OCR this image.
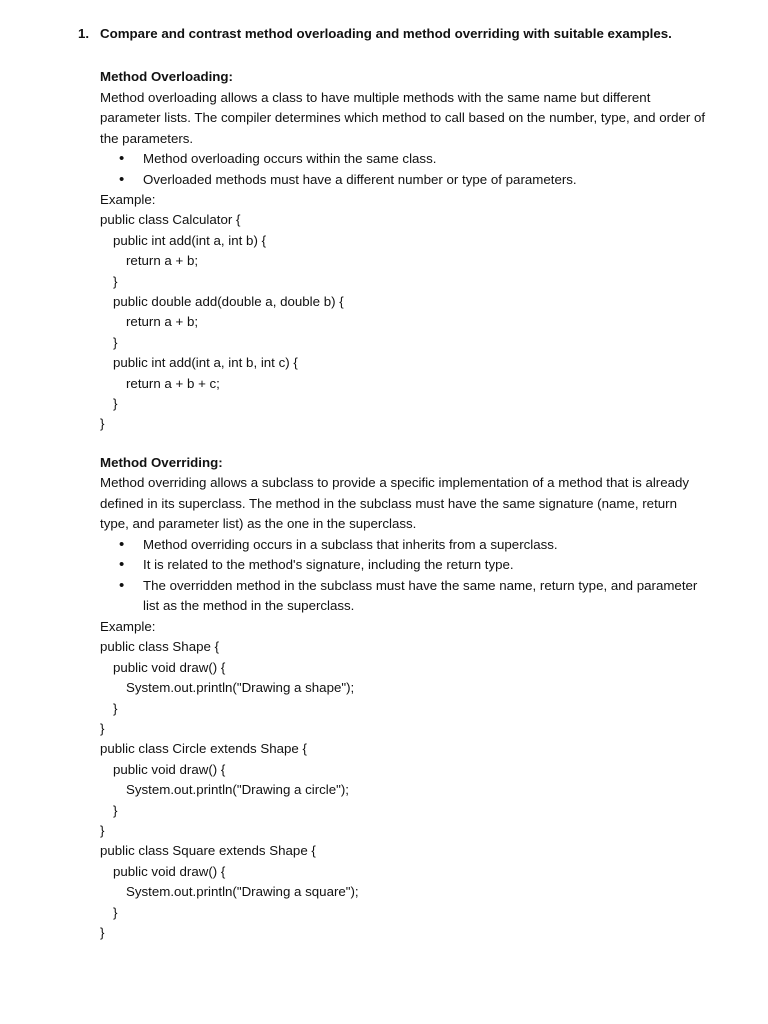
1. Compare and contrast method overloading and method overriding with suitable examples.
Method Overloading:

Method overloading allows a class to have multiple methods with the same name but different parameter lists. The compiler determines which method to call based on the number, type, and order of the parameters.

• Method overloading occurs within the same class.
• Overloaded methods must have a different number or type of parameters.
Example:
public class Calculator {
public int add(int a, int b) {
return a + b;
}
public double add(double a, double b) {
return a + b;
}
public int add(int a, int b, int c) {
return a + b + c;
}
}
Method Overriding:

Method overriding allows a subclass to provide a specific implementation of a method that is already defined in its superclass. The method in the subclass must have the same signature (name, return type, and parameter list) as the one in the superclass.

• Method overriding occurs in a subclass that inherits from a superclass.
• It is related to the method's signature, including the return type.
• The overridden method in the subclass must have the same name, return type, and parameter list as the method in the superclass.
Example:
public class Shape {
public void draw() {
System.out.println("Drawing a shape");
}
}
public class Circle extends Shape {
public void draw() {
System.out.println("Drawing a circle");
}
}
public class Square extends Shape {
public void draw() {
System.out.println("Drawing a square");
}
}
